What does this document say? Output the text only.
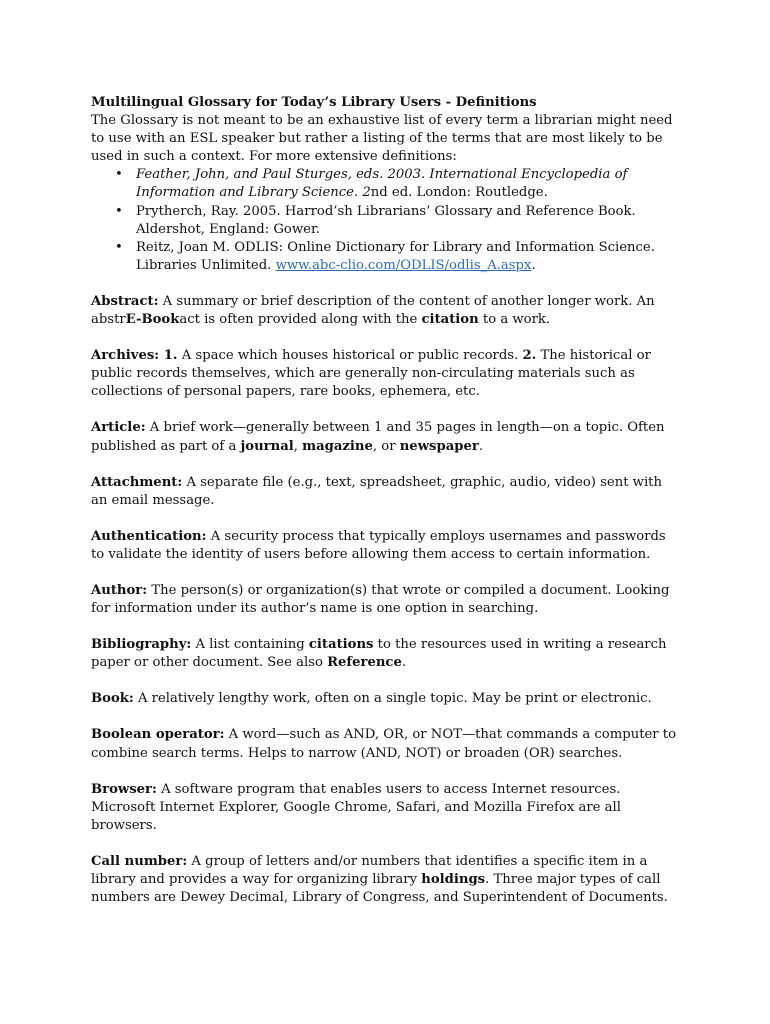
Multilingual Glossary for Today’s Library Users - Definitions

The Glossary is not meant to be an exhaustive list of every term a librarian might need to use with an ESL speaker but rather a listing of the terms that are most likely to be used in such a context. For more extensive definitions:

• Feather, John, and Paul Sturges, eds. 2003. International Encyclopedia of Information and Library Science. 2nd ed. London: Routledge.
• Prytherch, Ray. 2005. Harrod’sh Librarians’ Glossary and Reference Book. Aldershot, England: Gower.
• Reitz, Joan M. ODLIS: Online Dictionary for Library and Information Science. Libraries Unlimited. www.abc-clio.com/ODLIS/odlis_A.aspx.

Abstract: A summary or brief description of the content of another longer work. An abstrE-Bookact is often provided along with the citation to a work.

Archives: 1. A space which houses historical or public records. 2. The historical or public records themselves, which are generally non-circulating materials such as collections of personal papers, rare books, ephemera, etc.

Article: A brief work—generally between 1 and 35 pages in length—on a topic. Often published as part of a journal, magazine, or newspaper.

Attachment: A separate file (e.g., text, spreadsheet, graphic, audio, video) sent with an email message.

Authentication: A security process that typically employs usernames and passwords to validate the identity of users before allowing them access to certain information.

Author: The person(s) or organization(s) that wrote or compiled a document. Looking for information under its author’s name is one option in searching.

Bibliography: A list containing citations to the resources used in writing a research paper or other document. See also Reference.

Book: A relatively lengthy work, often on a single topic. May be print or electronic.

Boolean operator: A word—such as AND, OR, or NOT—that commands a computer to combine search terms. Helps to narrow (AND, NOT) or broaden (OR) searches.

Browser: A software program that enables users to access Internet resources. Microsoft Internet Explorer, Google Chrome, Safari, and Mozilla Firefox are all browsers.

Call number: A group of letters and/or numbers that identifies a specific item in a library and provides a way for organizing library holdings. Three major types of call numbers are Dewey Decimal, Library of Congress, and Superintendent of Documents.
